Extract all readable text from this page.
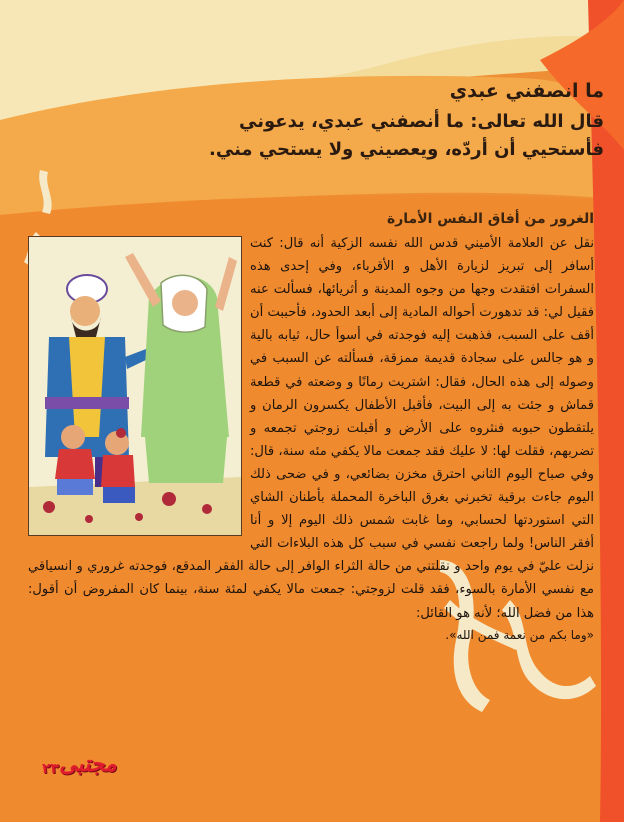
ما انصفني عبدي

قال الله تعالى: ما أنصفني عبدي، يدعوني

فأستحيي أن أردّه، ويعصيني ولا يستحي مني.

الغرور من أفاق النفس الأمارة

نقل عن العلامة الأميني قدس الله نفسه الزكية أنه قال: كنت أسافر إلى تبريز لزيارة الأهل و الأقرباء، وفي إحدى هذه السفرات افتقدت وجها من وجوه المدينة و أثريائها، فسألت عنه فقيل لي: قد تدهورت أحواله المادية إلى أبعد الحدود، فأحببت أن أقف على السبب، فذهبت إليه فوجدته في أسوأ حال، ثيابه بالية و هو جالس على سجادة قديمة ممزقة، فسألته عن السبب في وصوله إلى هذه الحال، فقال: اشتريت رمانًا و وضعته في قطعة قماش و جئت به إلى البيت، فأقبل الأطفال يكسرون الرمان و يلتقطون حبوبه فنثروه على الأرض و أقبلت زوجتي تجمعه و تضربهم، فقلت لها: لا عليك فقد جمعت مالا يكفي مئه سنة، قال: وفي صباح اليوم الثاني احترق مخزن بضائعي، و في ضحى ذلك اليوم جاءت برقية تخبرني بغرق الباخرة المحملة بأطنان الشاي التي استوردتها لحسابي، وما غابت شمس ذلك اليوم إلا و أنا أفقر الناس! ولما راجعت نفسي في سبب كل هذه البلاءات التي نزلت عليّ في يوم واحد و نقلتني من حالة الثراء الوافر إلى حالة الفقر المدقع، فوجدته غروري و انسياقي مع نفسي الأمارة بالسوء، فقد قلت لزوجتي: جمعت مالا يكفي لمئة سنة، بينما كان المفروض أن أقول: هذا من فضل الله؛ لأنه هو القائل:

«وما بكم من نعمة فمن الله».

مجتبى٢٣
